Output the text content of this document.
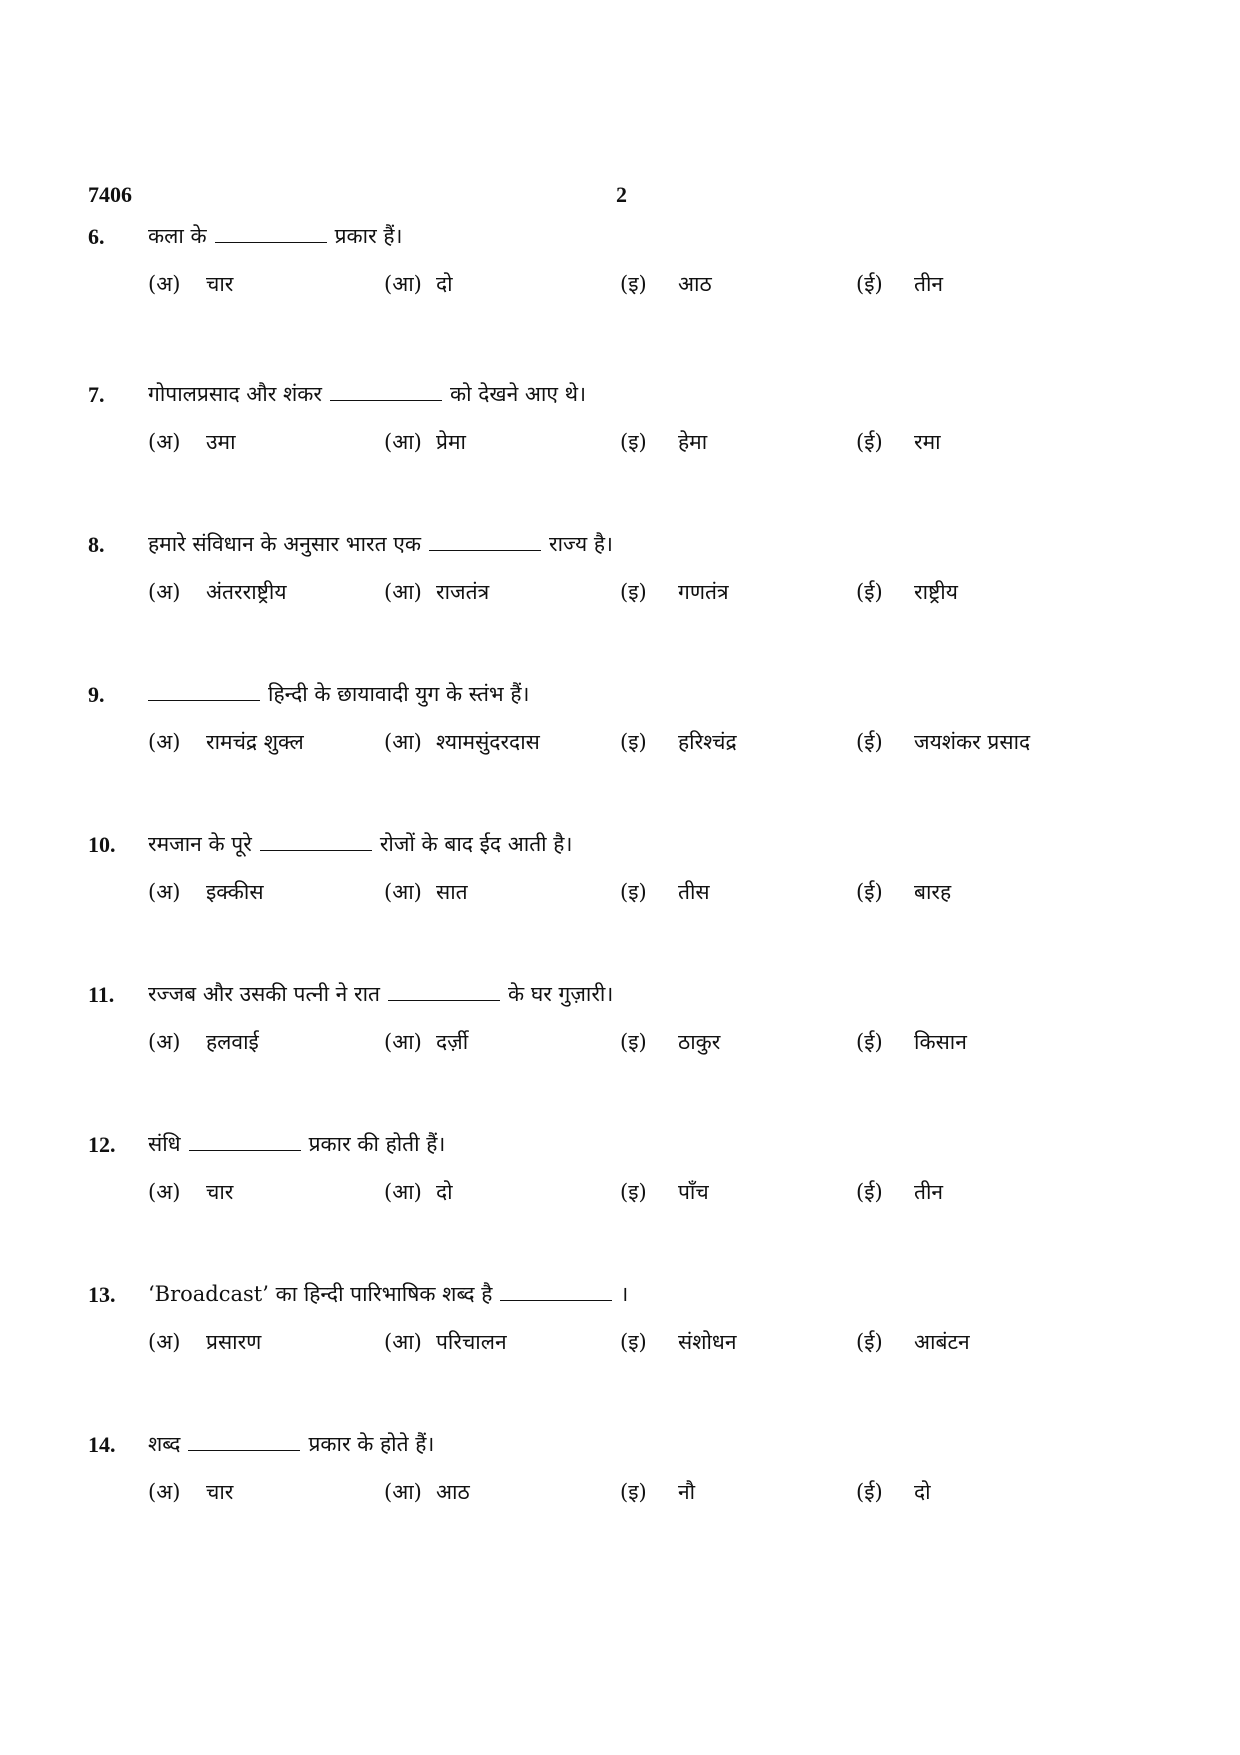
7406	2
6. कला के	प्रकार हैं।
(अ) चार	(आ) दो	(इ) आठ	(ई) तीन
7. गोपालप्रसाद और शंकर	को देखने आए थे।
(अ) उमा	(आ) प्रेमा	(इ) हेमा	(ई) रमा
8. हमारे संविधान के अनुसार भारत एक	राज्य है।
(अ) अंतरराष्ट्रीय	(आ) राजतंत्र	(इ) गणतंत्र	(ई) राष्ट्रीय
9.	हिन्दी के छायावादी युग के स्तंभ हैं।
(अ) रामचंद्र शुक्ल	(आ) श्यामसुंदरदास	(इ) हरिश्चंद्र	(ई) जयशंकर प्रसाद
10. रमजान के पूरे	रोजों के बाद ईद आती है।
(अ) इक्कीस	(आ) सात	(इ) तीस	(ई) बारह
11. रज्जब और उसकी पत्नी ने रात	के घर गुज़ारी।
(अ) हलवाई	(आ) दर्ज़ी	(इ) ठाकुर	(ई) किसान
12. संधि	प्रकार की होती हैं।
(अ) चार	(आ) दो	(इ) पाँच	(ई) तीन
13. ‘Broadcast’ का हिन्दी पारिभाषिक शब्द है	।
(अ) प्रसारण	(आ) परिचालन	(इ) संशोधन	(ई) आबंटन
14. शब्द	प्रकार के होते हैं।
(अ) चार	(आ) आठ	(इ) नौ	(ई) दो
